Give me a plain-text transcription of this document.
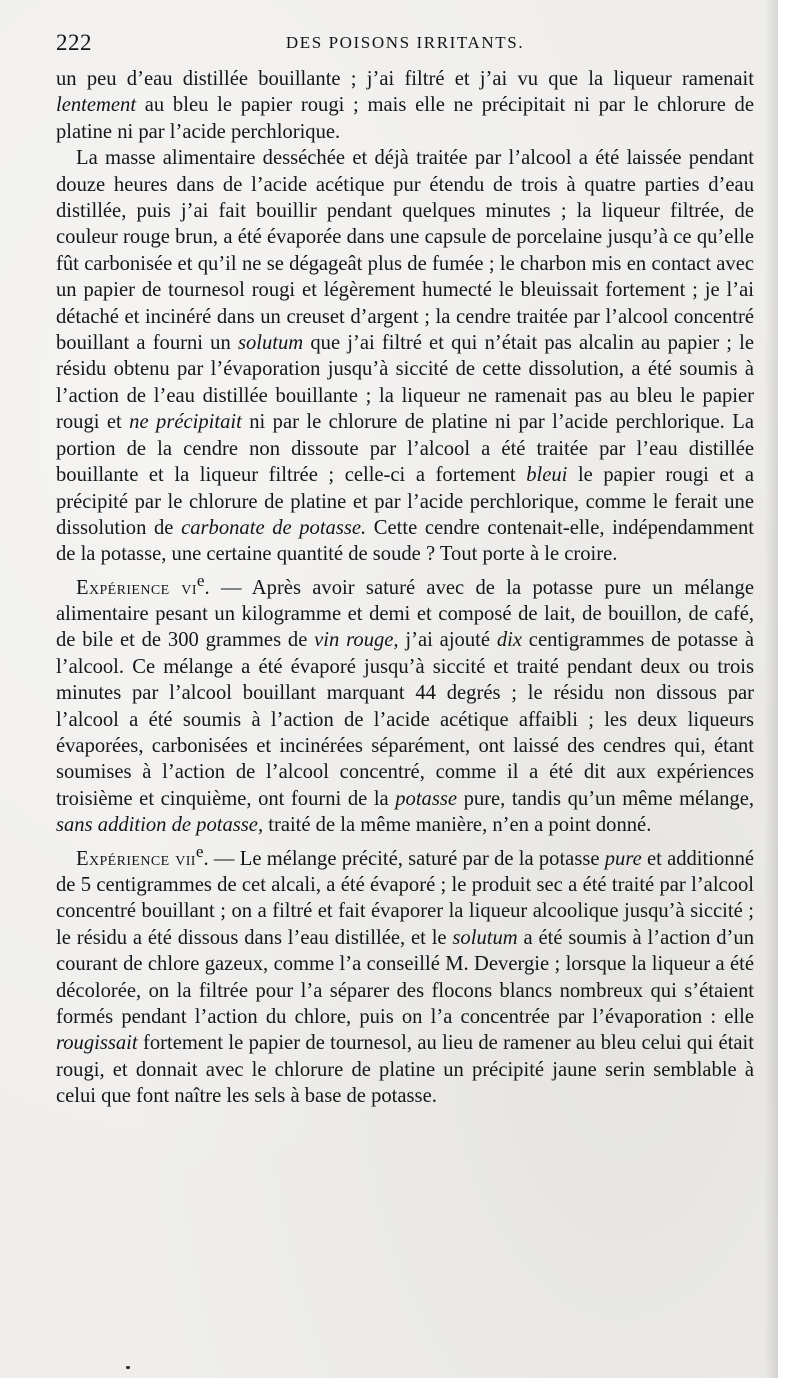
222	DES POISONS IRRITANTS.

un peu d’eau distillée bouillante ; j’ai filtré et j’ai vu que la liqueur ramenait lentement au bleu le papier rougi ; mais elle ne précipitait ni par le chlorure de platine ni par l’acide perchlorique.

La masse alimentaire desséchée et déjà traitée par l’alcool a été laissée pendant douze heures dans de l’acide acétique pur étendu de trois à quatre parties d’eau distillée, puis j’ai fait bouillir pendant quelques minutes ; la liqueur filtrée, de couleur rouge brun, a été évaporée dans une capsule de porcelaine jusqu’à ce qu’elle fût carbonisée et qu’il ne se dégageât plus de fumée ; le charbon mis en contact avec un papier de tournesol rougi et légèrement humecté le bleuissait fortement ; je l’ai détaché et incinéré dans un creuset d’argent ; la cendre traitée par l’alcool concentré bouillant a fourni un solutum que j’ai filtré et qui n’était pas alcalin au papier ; le résidu obtenu par l’évaporation jusqu’à siccité de cette dissolution, a été soumis à l’action de l’eau distillée bouillante ; la liqueur ne ramenait pas au bleu le papier rougi et ne précipitait ni par le chlorure de platine ni par l’acide perchlorique. La portion de la cendre non dissoute par l’alcool a été traitée par l’eau distillée bouillante et la liqueur filtrée ; celle-ci a fortement bleui le papier rougi et a précipité par le chlorure de platine et par l’acide perchlorique, comme le ferait une dissolution de carbonate de potasse. Cette cendre contenait-elle, indépendamment de la potasse, une certaine quantité de soude ? Tout porte à le croire.

Expérience $vi^e$. — Après avoir saturé avec de la potasse pure un mélange alimentaire pesant un kilogramme et demi et composé de lait, de bouillon, de café, de bile et de 300 grammes de vin rouge, j’ai ajouté dix centigrammes de potasse à l’alcool. Ce mélange a été évaporé jusqu’à siccité et traité pendant deux ou trois minutes par l’alcool bouillant marquant 44 degrés ; le résidu non dissous par l’alcool a été soumis à l’action de l’acide acétique affaibli ; les deux liqueurs évaporées, carbonisées et incinérées séparément, ont laissé des cendres qui, étant soumises à l’action de l’alcool concentré, comme il a été dit aux expériences troisième et cinquième, ont fourni de la potasse pure, tandis qu’un même mélange, sans addition de potasse, traité de la même manière, n’en a point donné.

Expérience vii$^e$. — Le mélange précité, saturé par de la potasse pure et additionné de 5 centigrammes de cet alcali, a été évaporé ; le produit sec a été traité par l’alcool concentré bouillant ; on a filtré et fait évaporer la liqueur alcoolique jusqu’à siccité ; le résidu a été dissous dans l’eau distillée, et le solutum a été soumis à l’action d’un courant de chlore gazeux, comme l’a conseillé M. Devergie ; lorsque la liqueur a été décolorée, on la filtrée pour l’a séparer des flocons blancs nombreux qui s’étaient formés pendant l’action du chlore, puis on l’a concentrée par l’évaporation : elle rougissait fortement le papier de tournesol, au lieu de ramener au bleu celui qui était rougi, et donnait avec le chlorure de platine un précipité jaune serin semblable à celui que font naître les sels à base de potasse.
